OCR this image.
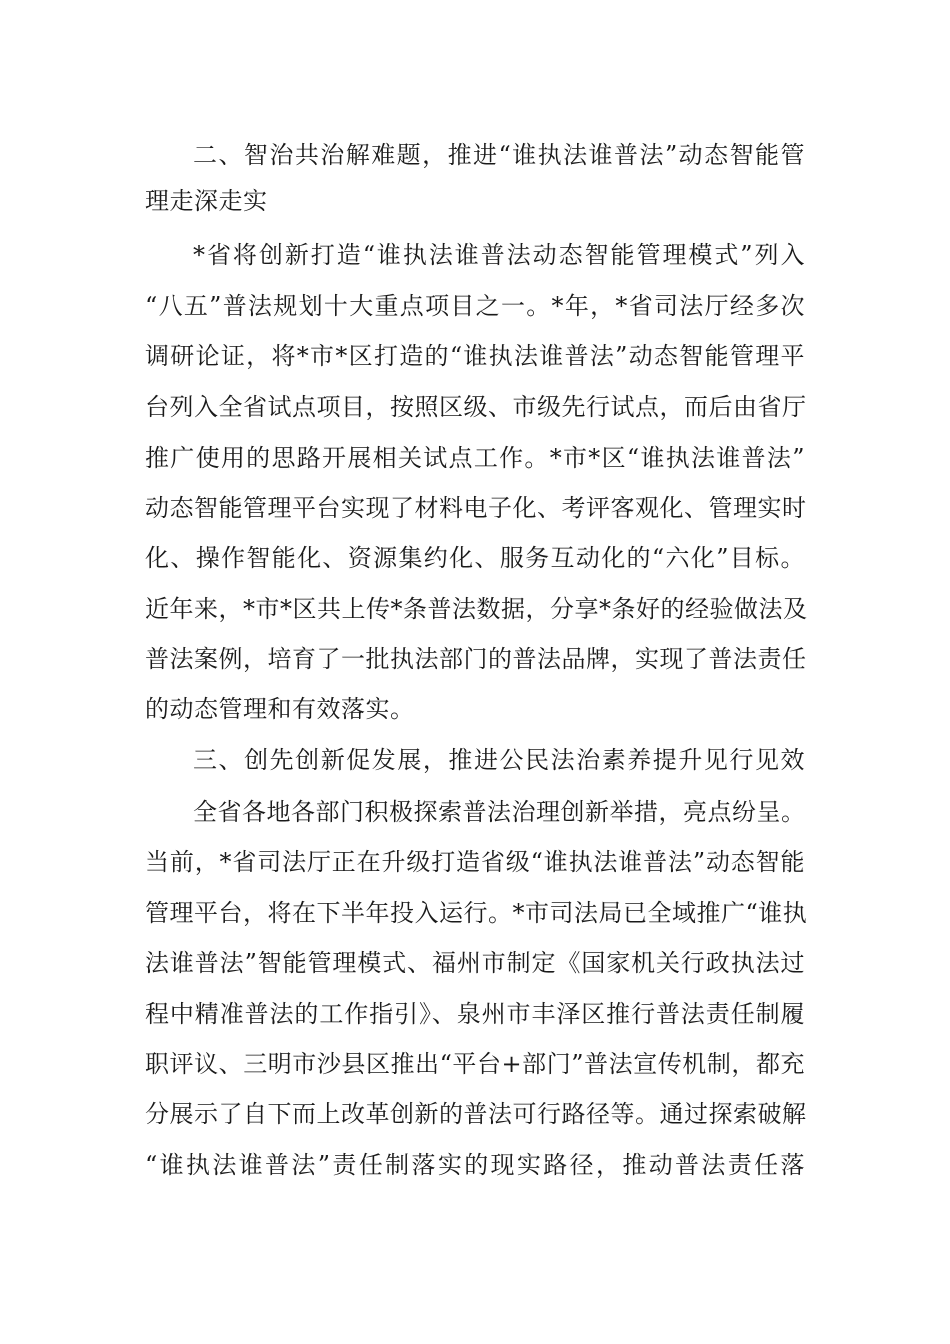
二、智治共治解难题，推进“谁执法谁普法”动态智能管
理走深走实
*省将创新打造“谁执法谁普法动态智能管理模式”列入
“八五”普法规划十大重点项目之一。*年，*省司法厅经多次
调研论证，将*市*区打造的“谁执法谁普法”动态智能管理平
台列入全省试点项目，按照区级、市级先行试点，而后由省厅
推广使用的思路开展相关试点工作。*市*区“谁执法谁普法”
动态智能管理平台实现了材料电子化、考评客观化、管理实时
化、操作智能化、资源集约化、服务互动化的“六化”目标。
近年来，*市*区共上传*条普法数据，分享*条好的经验做法及
普法案例，培育了一批执法部门的普法品牌，实现了普法责任
的动态管理和有效落实。
三、创先创新促发展，推进公民法治素养提升见行见效
全省各地各部门积极探索普法治理创新举措，亮点纷呈。
当前，*省司法厅正在升级打造省级“谁执法谁普法”动态智能
管理平台，将在下半年投入运行。*市司法局已全域推广“谁执
法谁普法”智能管理模式、福州市制定《国家机关行政执法过
程中精准普法的工作指引》、泉州市丰泽区推行普法责任制履
职评议、三明市沙县区推出“平台+部门”普法宣传机制，都充
分展示了自下而上改革创新的普法可行路径等。通过探索破解
“谁执法谁普法”责任制落实的现实路径，推动普法责任落
